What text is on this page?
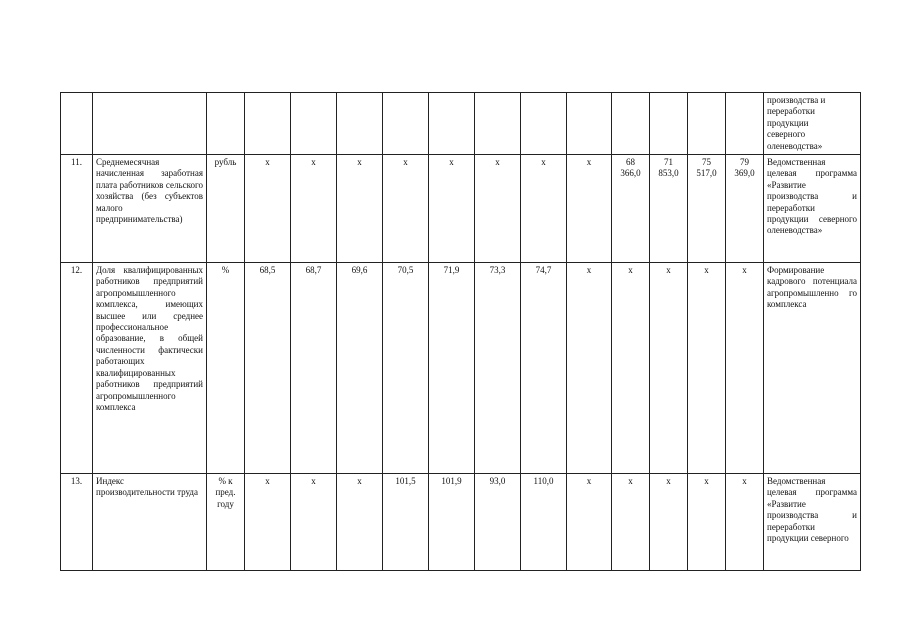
															производства и
переработки
продукции
северного
оленеводства»
11.	Среднемесячная начисленная заработная плата работников сельского хозяйства (без субъектов малого предпринимательства)	рубль	x	x	x	x	x	x	x	x	68
366,0	71
853,0	75
517,0	79
369,0	Ведомственная целевая программа «Развитие производства и переработки продукции северного оленеводства»
12.	Доля квалифицированных работников предприятий агропромышленного комплекса, имеющих высшее или среднее профессиональное образование, в общей численности фактически работающих квалифицированных работников предприятий агропромышленного комплекса	%	68,5	68,7	69,6	70,5	71,9	73,3	74,7	x	x	x	x	x	Формирование кадрового потенциала агропромышленно го комплекса
13.	Индекс производительности труда	% к
пред.
году	x	x	x	101,5	101,9	93,0	110,0	x	x	x	x	x	Ведомственная целевая программа «Развитие производства и переработки продукции северного
